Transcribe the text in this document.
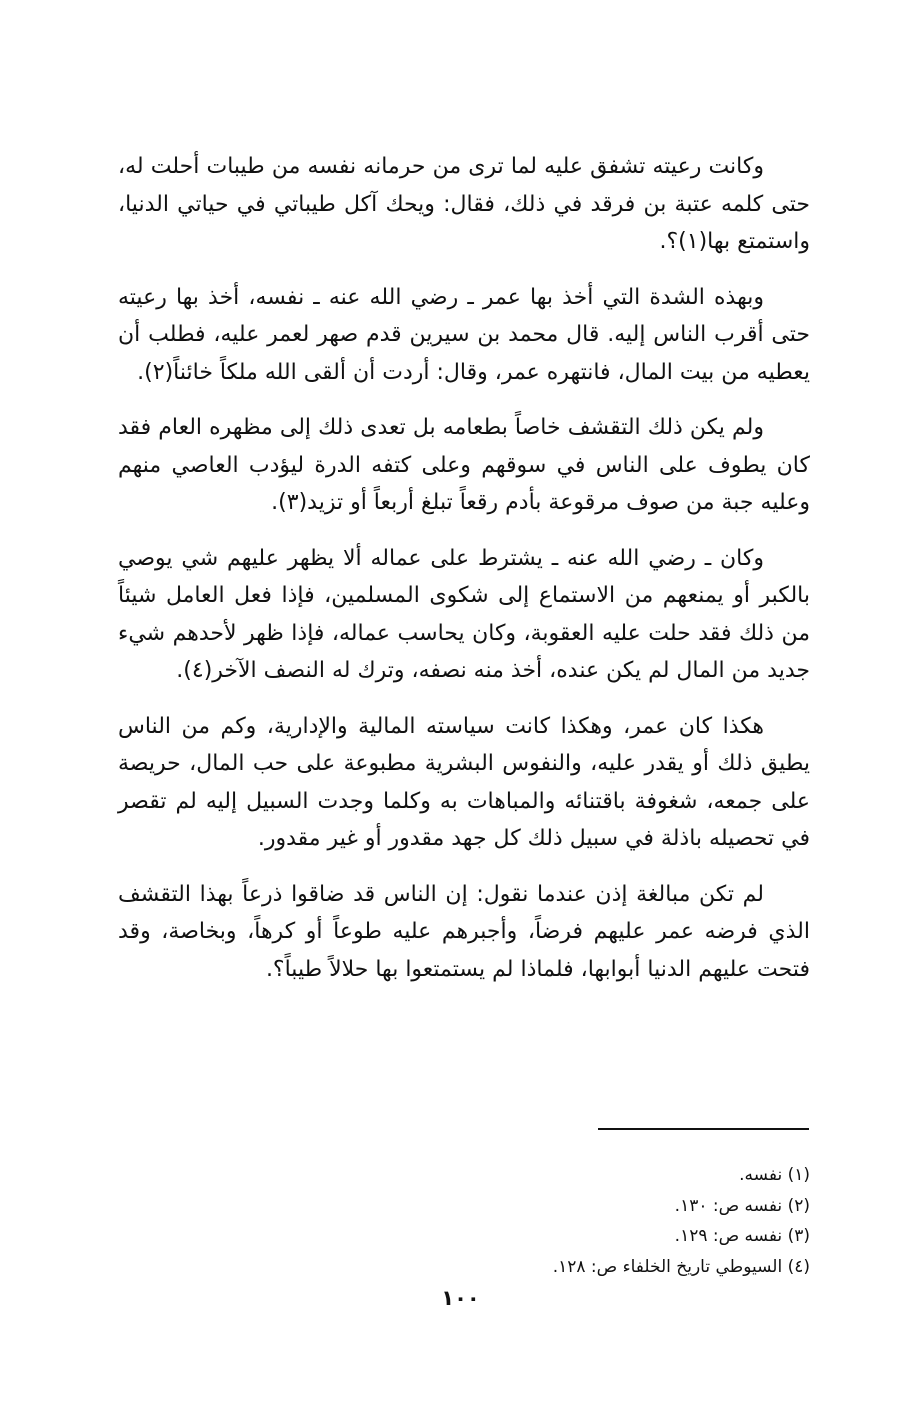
وكانت رعيته تشفق عليه لما ترى من حرمانه نفسه من طيبات أحلت له، حتى كلمه عتبة بن فرقد في ذلك، فقال: ويحك آكل طيباتي في حياتي الدنيا، واستمتع بها(١)؟.

وبهذه الشدة التي أخذ بها عمر ـ رضي الله عنه ـ نفسه، أخذ بها رعيته حتى أقرب الناس إليه. قال محمد بن سيرين قدم صهر لعمر عليه، فطلب أن يعطيه من بيت المال، فانتهره عمر، وقال: أردت أن ألقى الله ملكاً خائناً(٢).

ولم يكن ذلك التقشف خاصاً بطعامه بل تعدى ذلك إلى مظهره العام فقد كان يطوف على الناس في سوقهم وعلى كتفه الدرة ليؤدب العاصي منهم وعليه جبة من صوف مرقوعة بأدم رقعاً تبلغ أربعاً أو تزيد(٣).

وكان ـ رضي الله عنه ـ يشترط على عماله ألا يظهر عليهم شي يوصي بالكبر أو يمنعهم من الاستماع إلى شكوى المسلمين، فإذا فعل العامل شيئاً من ذلك فقد حلت عليه العقوبة، وكان يحاسب عماله، فإذا ظهر لأحدهم شيء جديد من المال لم يكن عنده، أخذ منه نصفه، وترك له النصف الآخر(٤).

هكذا كان عمر، وهكذا كانت سياسته المالية والإدارية، وكم من الناس يطيق ذلك أو يقدر عليه، والنفوس البشرية مطبوعة على حب المال، حريصة على جمعه، شغوفة باقتنائه والمباهات به وكلما وجدت السبيل إليه لم تقصر في تحصيله باذلة في سبيل ذلك كل جهد مقدور أو غير مقدور.

لم تكن مبالغة إذن عندما نقول: إن الناس قد ضاقوا ذرعاً بهذا التقشف الذي فرضه عمر عليهم فرضاً، وأجبرهم عليه طوعاً أو كرهاً، وبخاصة، وقد فتحت عليهم الدنيا أبوابها، فلماذا لم يستمتعوا بها حلالاً طيباً؟.

(١) نفسه.

(٢) نفسه ص: ١٣٠.

(٣) نفسه ص: ١٢٩.

(٤) السيوطي تاريخ الخلفاء ص: ١٢٨.

١٠٠
